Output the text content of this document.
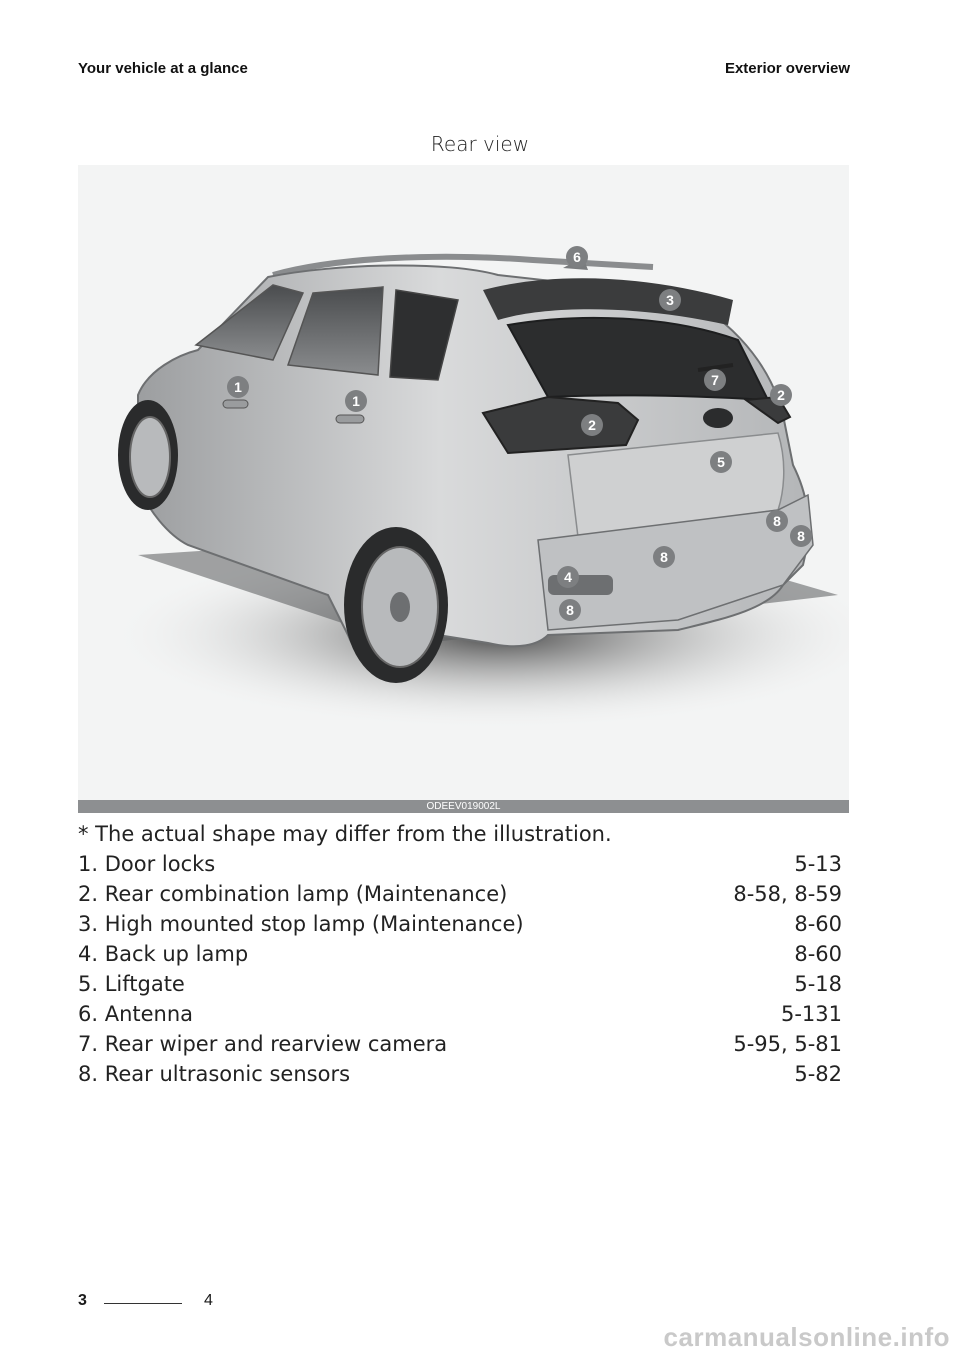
Your vehicle at a glance	Exterior overview
Rear view
1
1
2
2
3
4
5
6
7
8
8
8
8
ODEEV019002L
* The actual shape may differ from the illustration.
1. Door locks	5-13
2. Rear combination lamp (Maintenance)	8-58, 8-59
3. High mounted stop lamp (Maintenance)	8-60
4. Back up lamp	8-60
5. Liftgate	5-18
6. Antenna	5-131
7. Rear wiper and rearview camera	5-95, 5-81
8. Rear ultrasonic sensors	5-82
3	4
carmanualsonline.info
